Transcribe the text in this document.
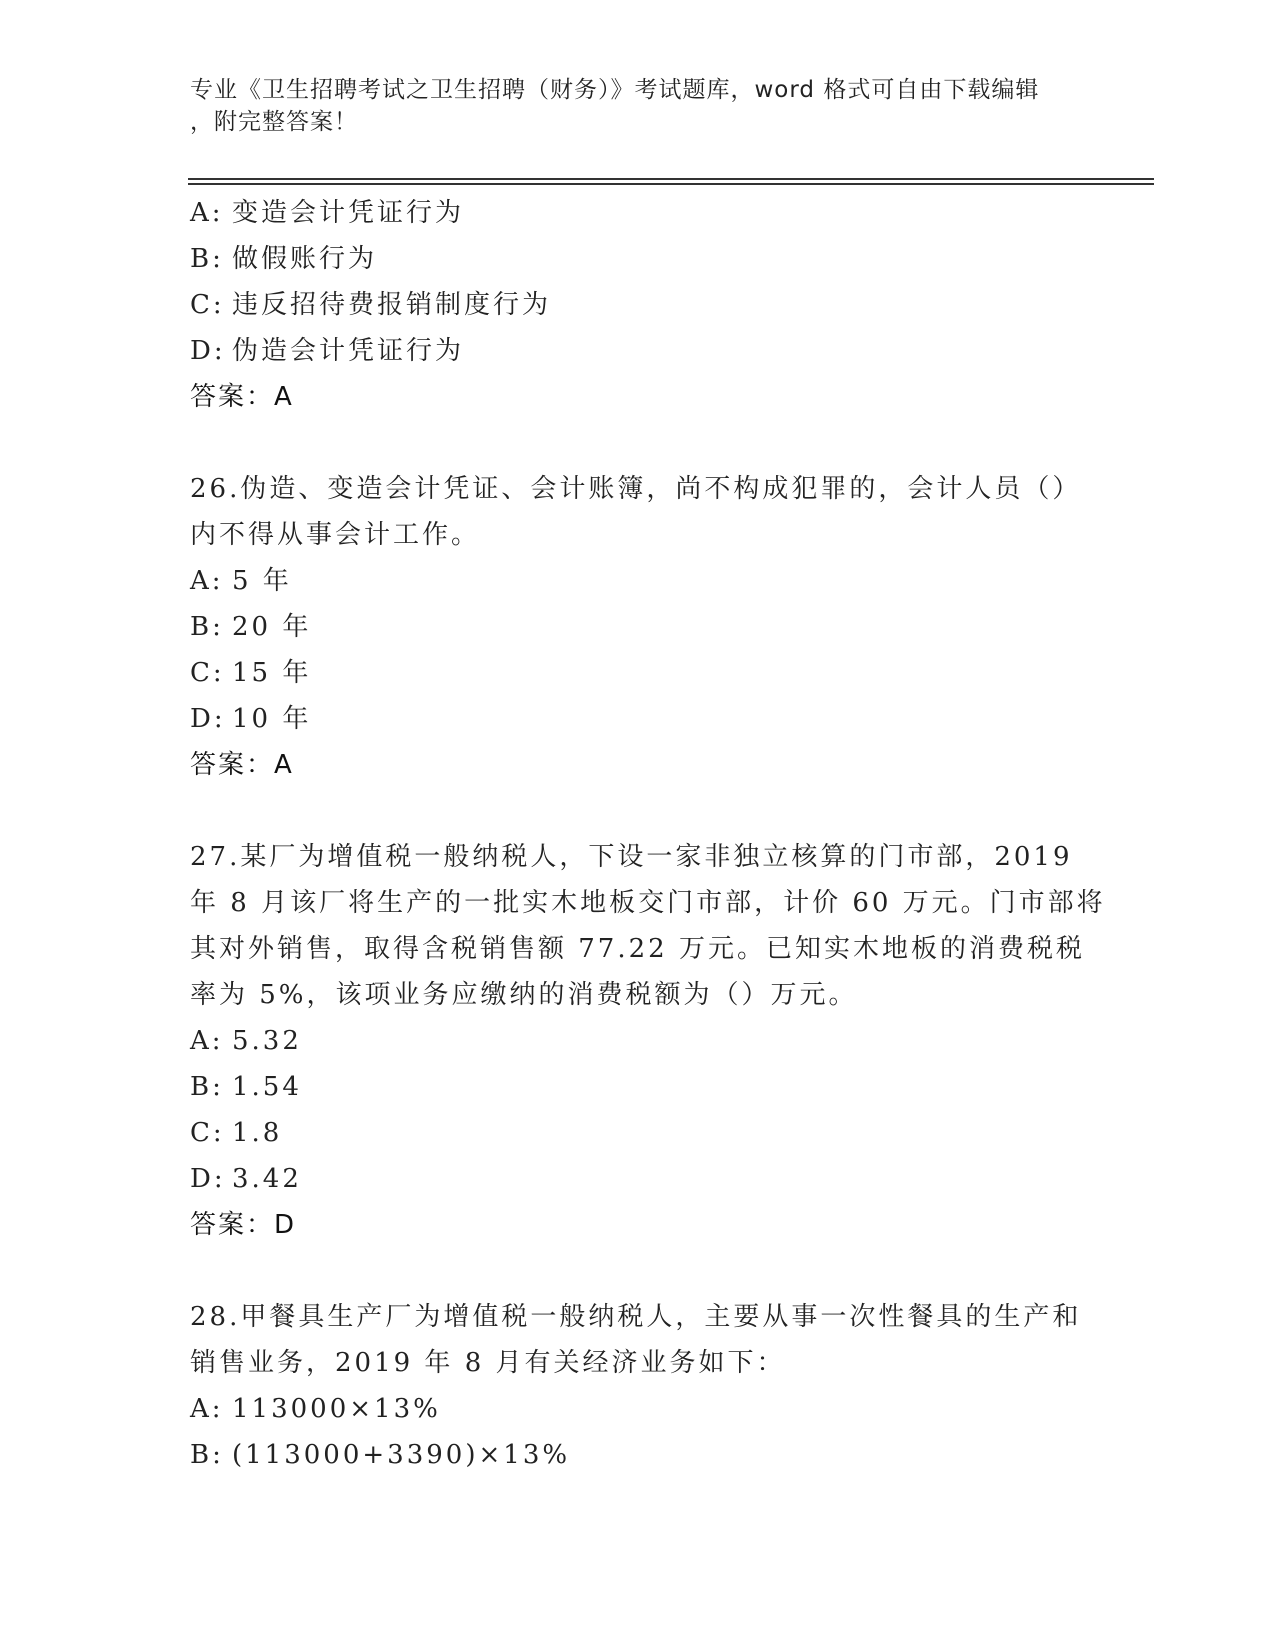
专业《卫生招聘考试之卫生招聘（财务）》考试题库，word 格式可自由下载编辑
，附完整答案！
A: 变造会计凭证行为
B: 做假账行为
C: 违反招待费报销制度行为
D: 伪造会计凭证行为
答案：A
26.伪造、变造会计凭证、会计账簿，尚不构成犯罪的，会计人员（）
内不得从事会计工作。
A: 5 年
B: 20 年
C: 15 年
D: 10 年
答案：A
27.某厂为增值税一般纳税人，下设一家非独立核算的门市部，2019
年 8 月该厂将生产的一批实木地板交门市部，计价 60 万元。门市部将
其对外销售，取得含税销售额 77.22 万元。已知实木地板的消费税税
率为 5%，该项业务应缴纳的消费税额为（）万元。
A: 5.32
B: 1.54
C: 1.8
D: 3.42
答案：D
28.甲餐具生产厂为增值税一般纳税人，主要从事一次性餐具的生产和
销售业务，2019 年 8 月有关经济业务如下：
A: 113000×13%
B: (113000+3390)×13%
